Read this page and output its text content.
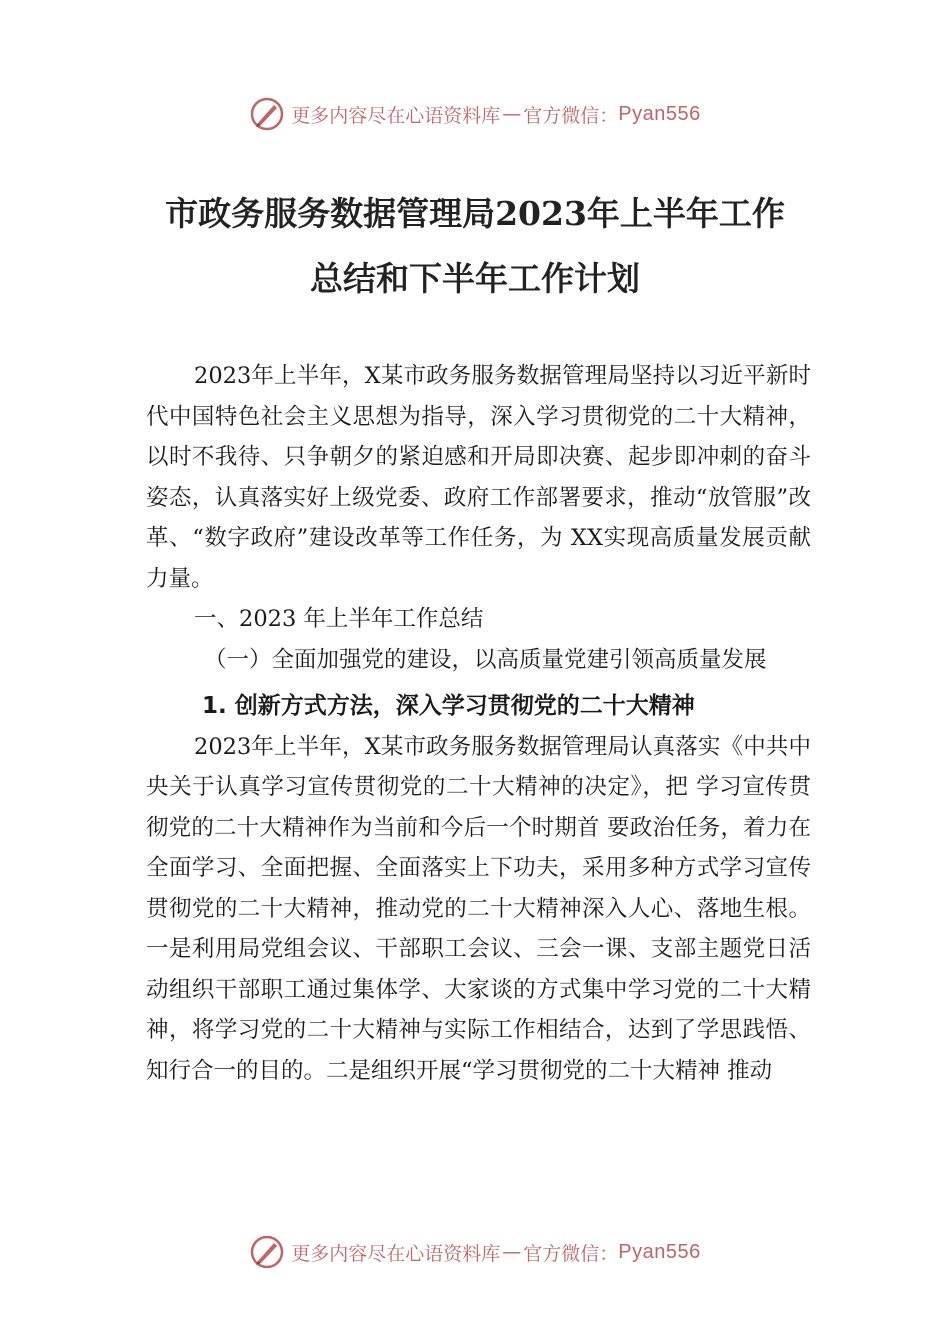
更多内容尽在心语资料库 — 官方微信： Pyan556
市政务服务数据管理局2023年上半年工作
总结和下半年工作计划

2023年上半年，X某市政务服务数据管理局坚持以习近平新时代中国特色社会主义思想为指导，深入学习贯彻党的二十大精神，以时不我待、只争朝夕的紧迫感和开局即决赛、起步即冲刺的奋斗姿态，认真落实好上级党委、政府工作部署要求，推动“放管服”改革、“数字政府”建设改革等工作任务，为 XX实现高质量发展贡献力量。

一、2023 年上半年工作总结

（一）全面加强党的建设，以高质量党建引领高质量发展

1. 创新方式方法，深入学习贯彻党的二十大精神

2023年上半年，X某市政务服务数据管理局认真落实《中共中央关于认真学习宣传贯彻党的二十大精神的决定》，把 学习宣传贯彻党的二十大精神作为当前和今后一个时期首 要政治任务，着力在全面学习、全面把握、全面落实上下功夫，采用多种方式学习宣传贯彻党的二十大精神，推动党的二十大精神深入人心、落地生根。一是利用局党组会议、干部职工会议、三会一课、支部主题党日活动组织干部职工通过集体学、大家谈的方式集中学习党的二十大精神，将学习党的二十大精神与实际工作相结合，达到了学思践悟、知行合一的目的。二是组织开展“学习贯彻党的二十大精神 推动

更多内容尽在心语资料库 — 官方微信： Pyan556
